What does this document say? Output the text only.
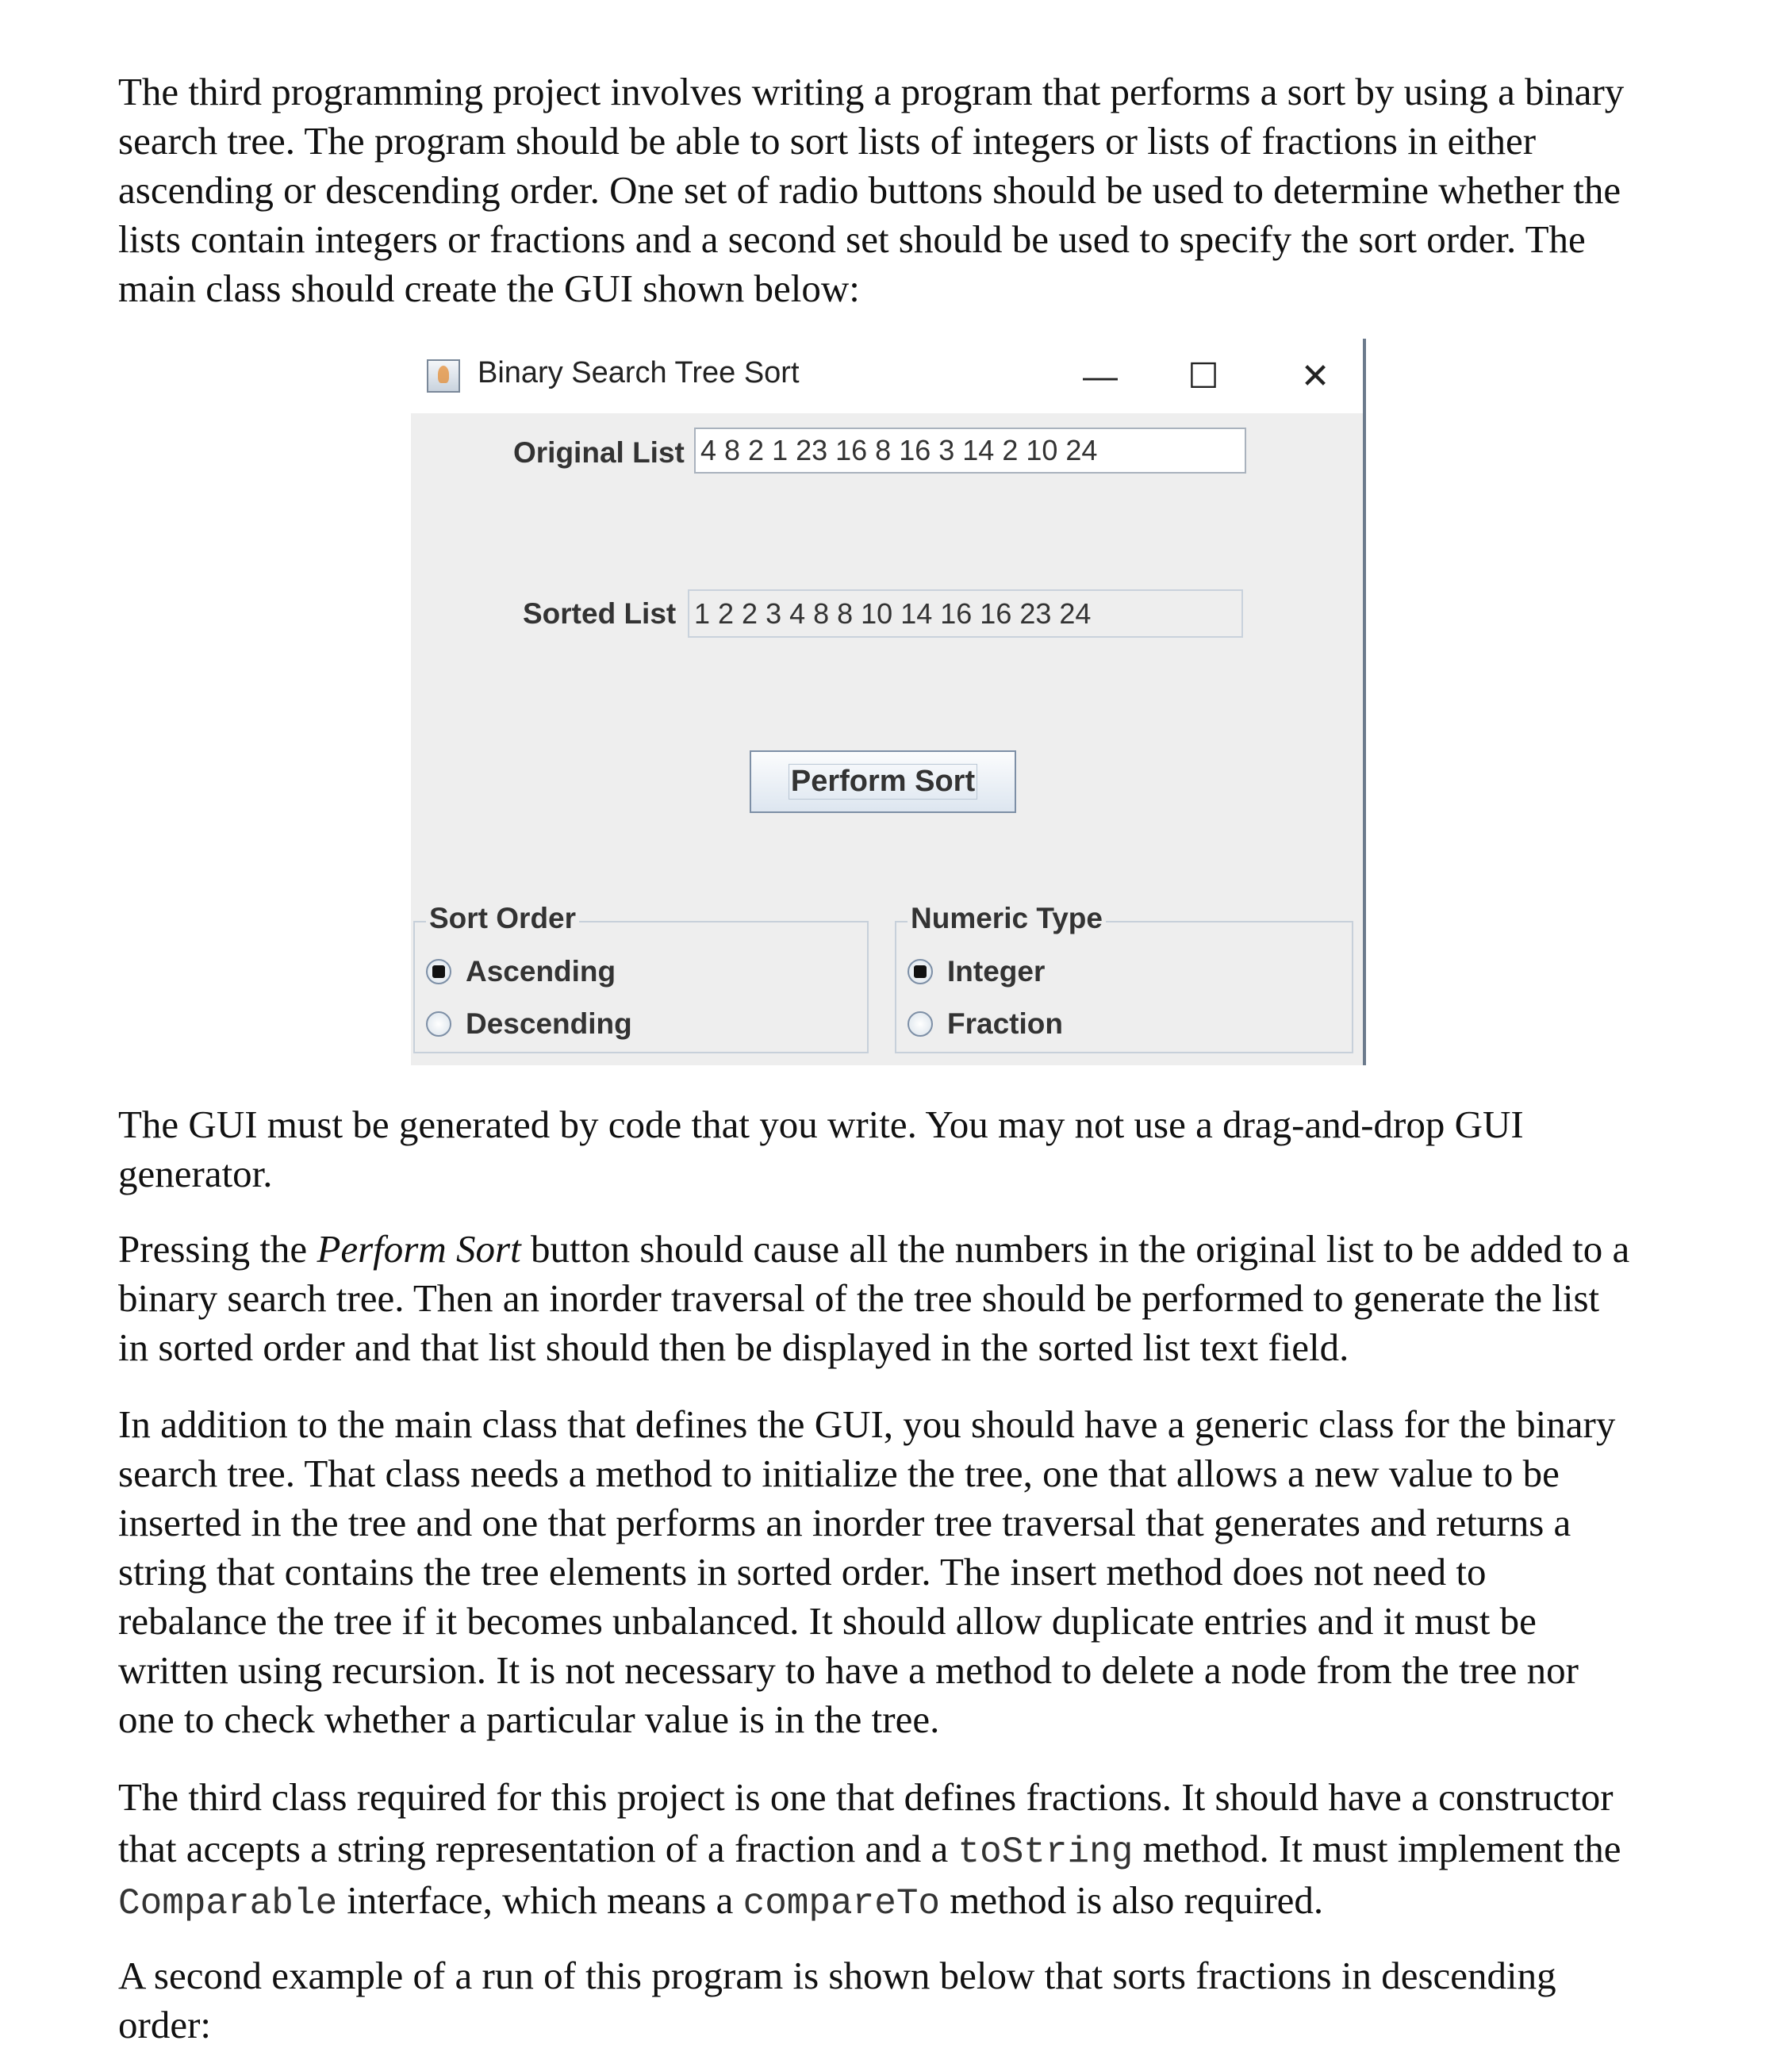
The third programming project involves writing a program that performs a sort by using a binary
search tree. The program should be able to sort lists of integers or lists of fractions in either
ascending or descending order. One set of radio buttons should be used to determine whether the
lists contain integers or fractions and a second set should be used to specify the sort order. The
main class should create the GUI shown below:
Binary Search Tree Sort	— ☐ ✕
Original List 4 8 2 1 23 16 8 16 3 14 2 10 24
Sorted List 1 2 2 3 4 8 8 10 14 16 16 23 24
Perform Sort
Sort Order
Ascending
Descending
Numeric Type
Integer
Fraction
The GUI must be generated by code that you write. You may not use a drag-and-drop GUI
generator.
Pressing the Perform Sort button should cause all the numbers in the original list to be added to a
binary search tree. Then an inorder traversal of the tree should be performed to generate the list
in sorted order and that list should then be displayed in the sorted list text field.
In addition to the main class that defines the GUI, you should have a generic class for the binary
search tree. That class needs a method to initialize the tree, one that allows a new value to be
inserted in the tree and one that performs an inorder tree traversal that generates and returns a
string that contains the tree elements in sorted order. The insert method does not need to
rebalance the tree if it becomes unbalanced. It should allow duplicate entries and it must be
written using recursion. It is not necessary to have a method to delete a node from the tree nor
one to check whether a particular value is in the tree.
The third class required for this project is one that defines fractions. It should have a constructor
that accepts a string representation of a fraction and a toString method. It must implement the
Comparable interface, which means a compareTo method is also required.
A second example of a run of this program is shown below that sorts fractions in descending
order:
